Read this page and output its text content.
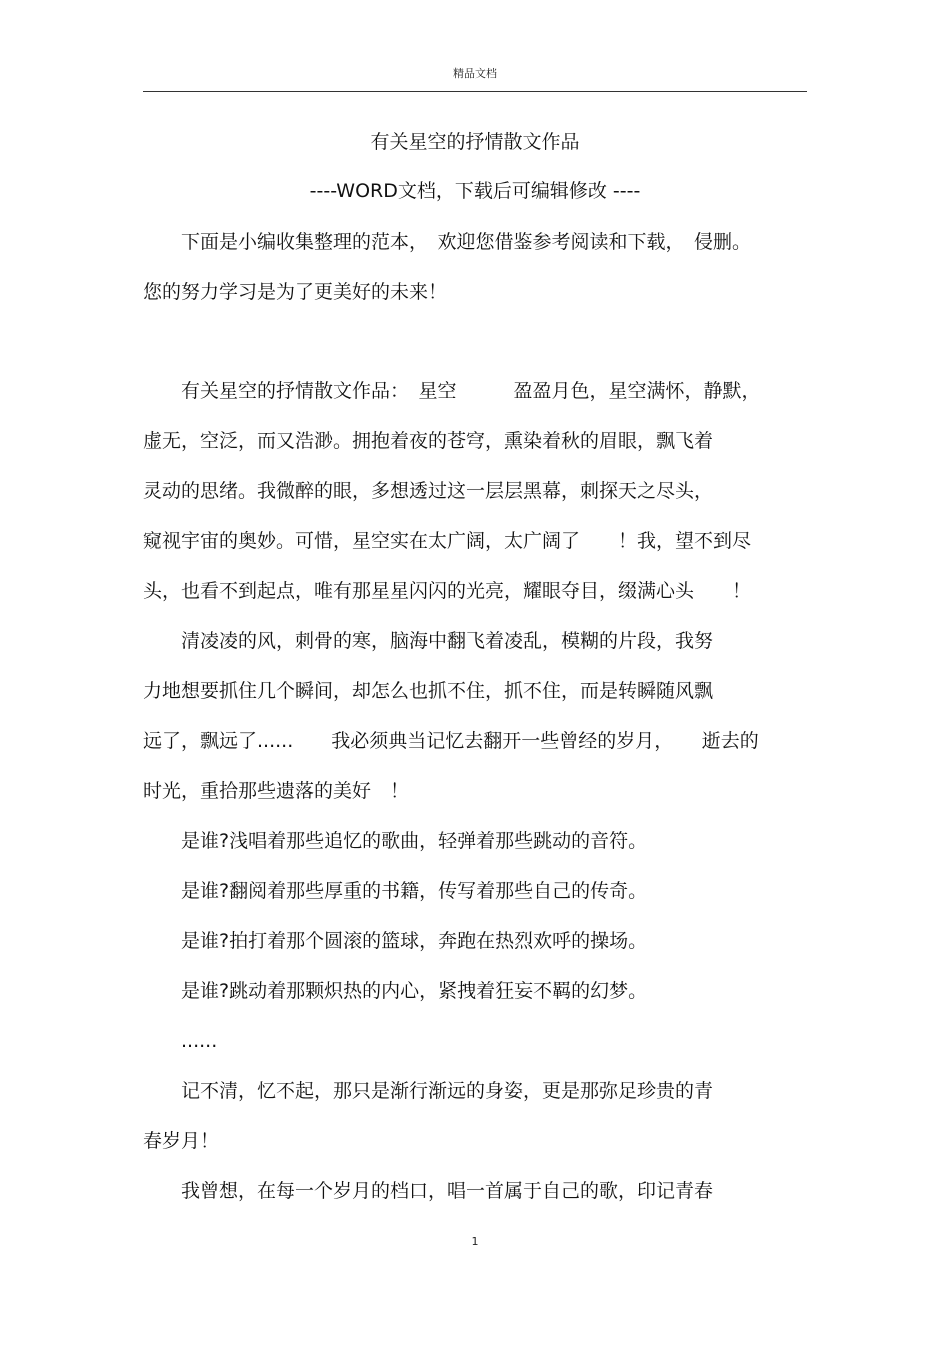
精品文档
有关星空的抒情散文作品
----WORD文档，下载后可编辑修改 ----
　　下面是小编收集整理的范本，　欢迎您借鉴参考阅读和下载，　侵删。
您的努力学习是为了更美好的未来！
　　有关星空的抒情散文作品：　星空　　　盈盈月色，星空满怀，静默，
虚无，空泛，而又浩渺。拥抱着夜的苍穹，熏染着秋的眉眼，飘飞着
灵动的思绪。我微醉的眼，多想透过这一层层黑幕，刺探天之尽头，
窥视宇宙的奥妙。可惜，星空实在太广阔，太广阔了　　！我，望不到尽
头，也看不到起点，唯有那星星闪闪的光亮，耀眼夺目，缀满心头　　！
　　清凌凌的风，刺骨的寒，脑海中翻飞着凌乱，模糊的片段，我努
力地想要抓住几个瞬间，却怎么也抓不住，抓不住，而是转瞬随风飘
远了，飘远了......　　我必须典当记忆去翻开一些曾经的岁月，　　逝去的
时光，重拾那些遗落的美好　！
　　是谁?浅唱着那些追忆的歌曲，轻弹着那些跳动的音符。
　　是谁?翻阅着那些厚重的书籍，传写着那些自己的传奇。
　　是谁?拍打着那个圆滚的篮球，奔跑在热烈欢呼的操场。
　　是谁?跳动着那颗炽热的内心，紧拽着狂妄不羁的幻梦。
　　......
　　记不清，忆不起，那只是渐行渐远的身姿，更是那弥足珍贵的青
春岁月！
　　我曾想，在每一个岁月的档口，唱一首属于自己的歌，印记青春
1
